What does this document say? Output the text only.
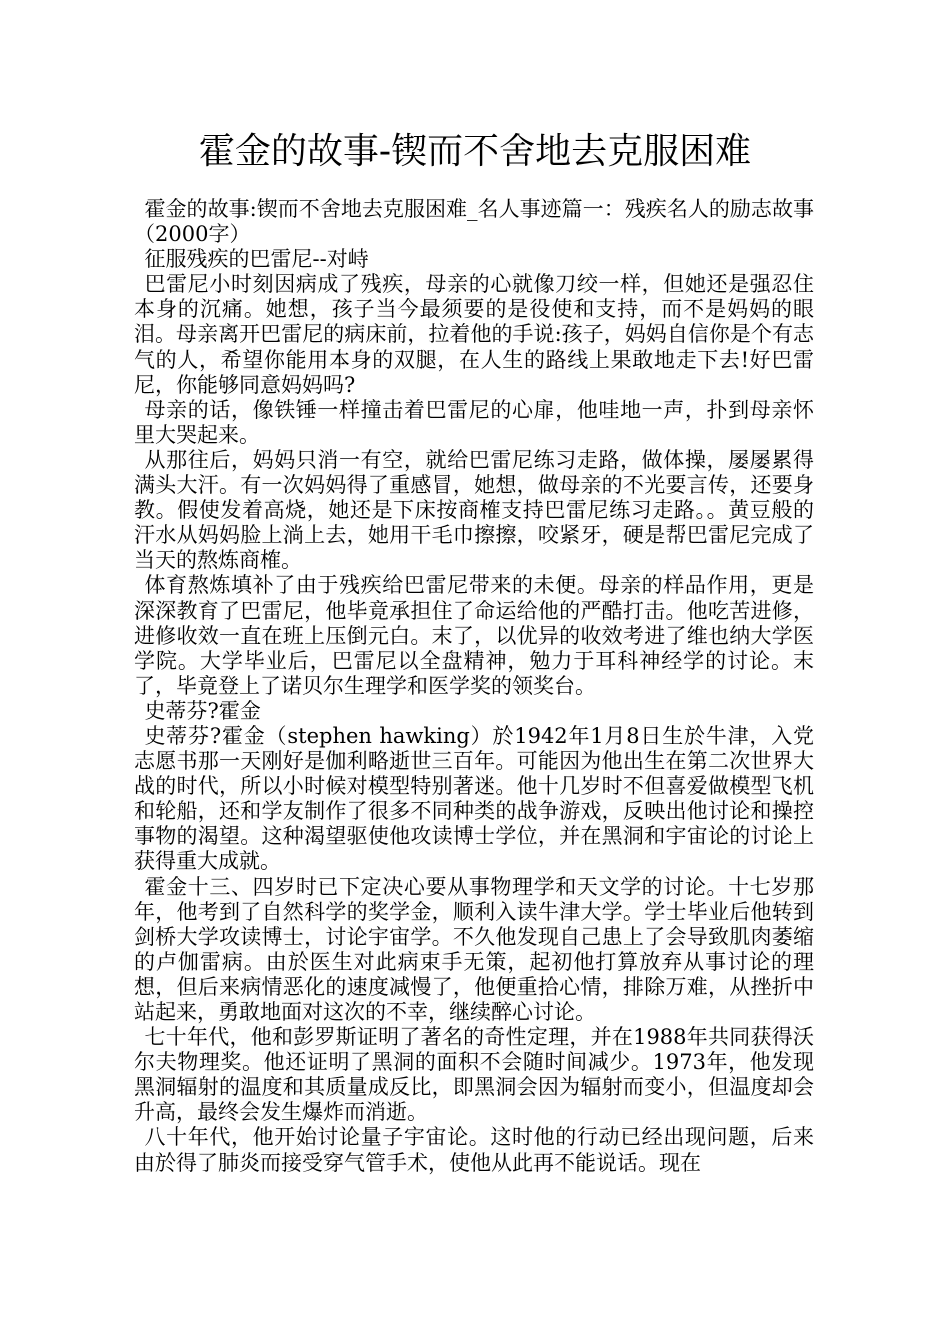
霍金的故事-锲而不舍地去克服困难

霍金的故事:锲而不舍地去克服困难_名人事迹篇一：残疾名人的励志故事（2000字）

征服残疾的巴雷尼--对峙

巴雷尼小时刻因病成了残疾，母亲的心就像刀绞一样，但她还是强忍住本身的沉痛。她想，孩子当今最须要的是役使和支持，而不是妈妈的眼泪。母亲离开巴雷尼的病床前，拉着他的手说:孩子，妈妈自信你是个有志气的人，希望你能用本身的双腿，在人生的路线上果敢地走下去!好巴雷尼，你能够同意妈妈吗?

母亲的话，像铁锤一样撞击着巴雷尼的心扉，他哇地一声，扑到母亲怀里大哭起来。

从那往后，妈妈只消一有空，就给巴雷尼练习走路，做体操，屡屡累得满头大汗。有一次妈妈得了重感冒，她想，做母亲的不光要言传，还要身教。假使发着高烧，她还是下床按商榷支持巴雷尼练习走路。。黄豆般的汗水从妈妈脸上淌上去，她用干毛巾擦擦，咬紧牙，硬是帮巴雷尼完成了当天的熬炼商榷。

体育熬炼填补了由于残疾给巴雷尼带来的未便。母亲的样品作用，更是深深教育了巴雷尼，他毕竟承担住了命运给他的严酷打击。他吃苦进修，进修收效一直在班上压倒元白。末了，以优异的收效考进了维也纳大学医学院。大学毕业后，巴雷尼以全盘精神，勉力于耳科神经学的讨论。末了，毕竟登上了诺贝尔生理学和医学奖的领奖台。

史蒂芬?霍金

史蒂芬?霍金（stephen hawking）於1942年1月8日生於牛津，入党志愿书那一天刚好是伽利略逝世三百年。可能因为他出生在第二次世界大战的时代，所以小时候对模型特别著迷。他十几岁时不但喜爱做模型飞机和轮船，还和学友制作了很多不同种类的战争游戏，反映出他讨论和操控事物的渴望。这种渴望驱使他攻读博士学位，并在黑洞和宇宙论的讨论上获得重大成就。

霍金十三、四岁时已下定决心要从事物理学和天文学的讨论。十七岁那年，他考到了自然科学的奖学金，顺利入读牛津大学。学士毕业后他转到剑桥大学攻读博士，讨论宇宙学。不久他发现自己患上了会导致肌肉萎缩的卢伽雷病。由於医生对此病束手无策，起初他打算放弃从事讨论的理想，但后来病情恶化的速度减慢了，他便重拾心情，排除万难，从挫折中站起来，勇敢地面对这次的不幸，继续醉心讨论。

七十年代，他和彭罗斯证明了著名的奇性定理，并在1988年共同获得沃尔夫物理奖。他还证明了黑洞的面积不会随时间减少。1973年，他发现黑洞辐射的温度和其质量成反比，即黑洞会因为辐射而变小，但温度却会升高，最终会发生爆炸而消逝。

八十年代，他开始讨论量子宇宙论。这时他的行动已经出现问题，后来由於得了肺炎而接受穿气管手术，使他从此再不能说话。现在
